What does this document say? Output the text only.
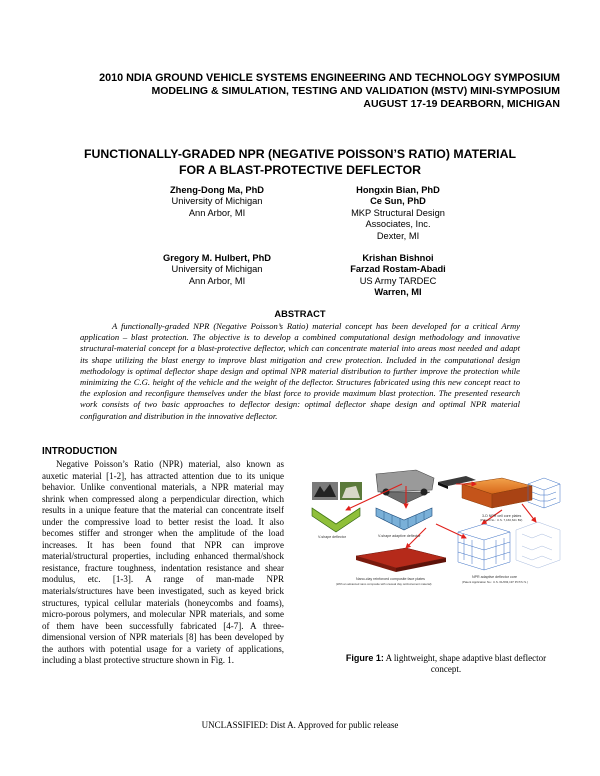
2010 NDIA GROUND VEHICLE SYSTEMS ENGINEERING AND TECHNOLOGY SYMPOSIUM
MODELING & SIMULATION, TESTING AND VALIDATION (MSTV) MINI-SYMPOSIUM
AUGUST 17-19 DEARBORN, MICHIGAN
FUNCTIONALLY-GRADED NPR (NEGATIVE POISSON’S RATIO) MATERIAL
FOR A BLAST-PROTECTIVE DEFLECTOR
Zheng-Dong Ma, PhD
University of Michigan
Ann Arbor, MI
Hongxin Bian, PhD
Ce Sun, PhD
MKP Structural Design
Associates, Inc.
Dexter, MI
Gregory M. Hulbert, PhD
University of Michigan
Ann Arbor, MI
Krishan Bishnoi
Farzad Rostam-Abadi
US Army TARDEC
Warren, MI
ABSTRACT
A functionally-graded NPR (Negative Poisson’s Ratio) material concept has been developed for a critical Army application – blast protection. The objective is to develop a combined computational design methodology and innovative structural-material concept for a blast-protective deflector, which can concentrate material into areas most needed and adapt its shape utilizing the blast energy to improve blast mitigation and crew protection. Included in the computational design methodology is optimal deflector shape design and optimal NPR material distribution to further improve the protection while minimizing the C.G. height of the vehicle and the weight of the deflector. Structures fabricated using this new concept react to the explosion and reconfigure themselves under the blast force to provide maximum blast protection. The presented research work consists of two basic approaches to deflector design: optimal deflector shape design and optimal NPR material configuration and distribution in the innovative deflector.
INTRODUCTION
Negative Poisson’s Ratio (NPR) material, also known as auxetic material [1-2], has attracted attention due to its unique behavior. Unlike conventional materials, a NPR material may shrink when compressed along a perpendicular direction, which results in a unique feature that the material can concentrate itself under the compressive load to better resist the load. It also becomes stiffer and stronger when the amplitude of the load increases. It has been found that NPR can improve material/structural properties, including enhanced thermal/shock resistance, fracture toughness, indentation resistance and shear modulus, etc. [1-3]. A range of man-made NPR materials/structures have been investigated, such as keyed brick structures, typical cellular materials (honeycombs and foams), micro-porous polymers, and molecular NPR materials, and some of them have been successfully fabricated [4-7]. A three-dimensional version of NPR materials [8] has been developed by the authors with potential usage for a variety of applications, including a blast protective structure shown in Fig. 1.
V-shape deflector	V-shape adaptive deflector
3-D NPR cell core plates
(Patent No.: U.S. 7,160,621 B2)
Nano-clay reinforced composite face plates
(With an advanced nano composite with unusual clay reinforcement material)
NPR adaptive deflector core
(Patent Application No.: U.S. 61/093,197 PCT/U.S.)
Figure 1: A lightweight, shape adaptive blast deflector concept.
UNCLASSIFIED: Dist A. Approved for public release
